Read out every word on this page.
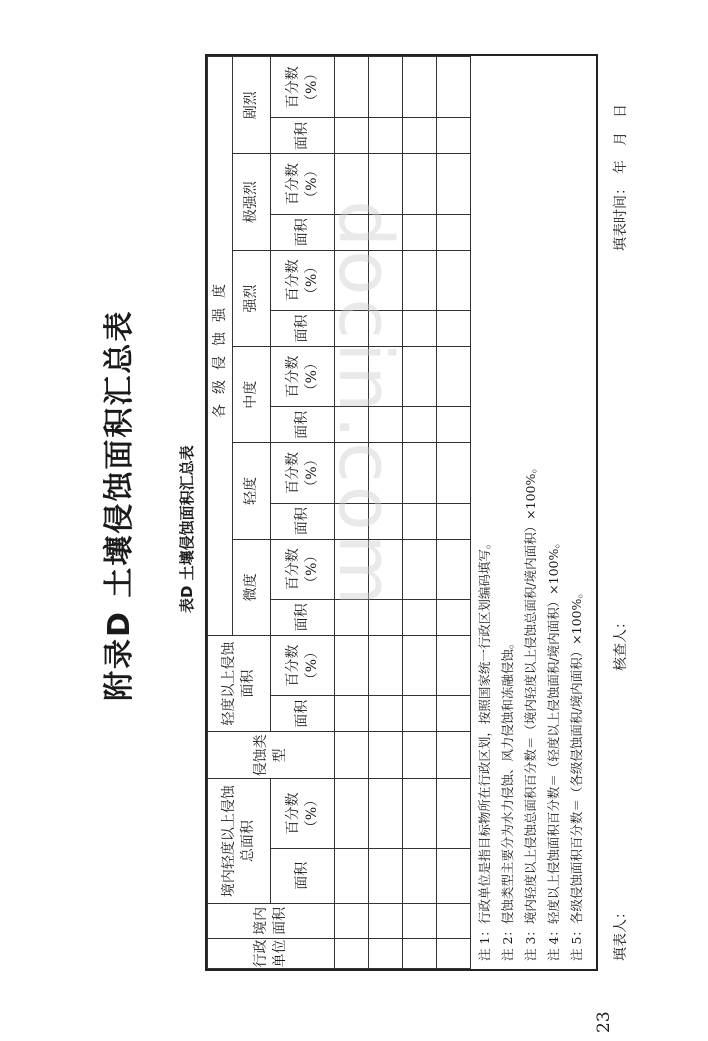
附录D 土壤侵蚀面积汇总表	表D 土壤侵蚀面积汇总表
行政单位	境内面积	境内轻度以上侵蚀总面积		侵蚀类型	轻度以上侵蚀面积		各级侵蚀强度											
							微度		轻度		中度		强烈		极强烈		剧烈	
		面积	百分数（%）		面积	百分数（%）	面积	百分数（%）	面积	百分数（%）	面积	百分数（%）	面积	百分数（%）	面积	百分数（%）	面积	百分数（%）

注 1：行政单位是指目标物所在行政区划，按照国家统一行政区划编码填写。 注 2：侵蚀类型主要分为水力侵蚀、风力侵蚀和冻融侵蚀。 注 3：境内轻度以上侵蚀总面积百分数＝（境内轻度以上侵蚀总面积/境内面积）×100%。 注 4：轻度以上侵蚀面积百分数＝（轻度以上侵蚀面积/境内面积）×100%。 注 5：各级侵蚀面积百分数＝（各级侵蚀面积/境内面积）×100%。 填表人：
核查人：
填表时间：　年　月　日
23
docin.com
